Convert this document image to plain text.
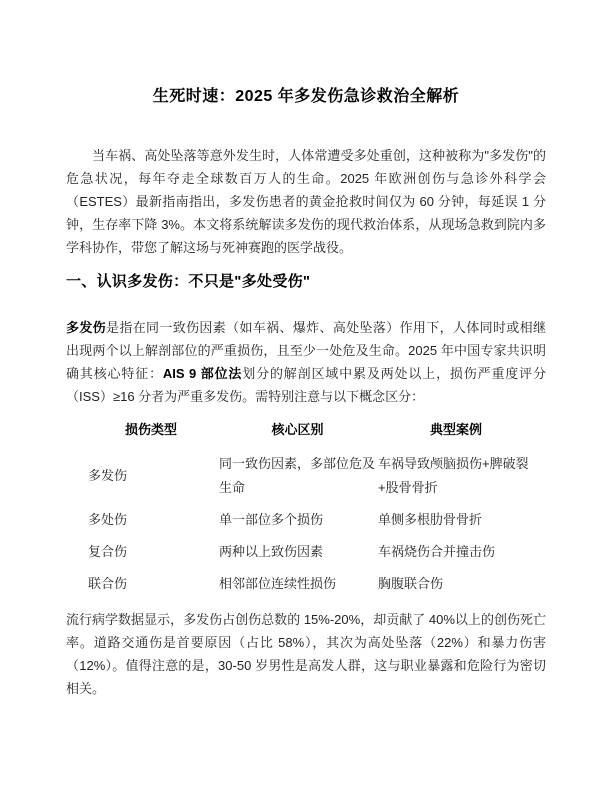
生死时速：2025 年多发伤急诊救治全解析

当车祸、高处坠落等意外发生时，人体常遭受多处重创，这种被称为"多发伤"的危急状况，每年夺走全球数百万人的生命。2025 年欧洲创伤与急诊外科学会（ESTES）最新指南指出，多发伤患者的黄金抢救时间仅为 60 分钟，每延误 1 分钟，生存率下降 3%。本文将系统解读多发伤的现代救治体系，从现场急救到院内多学科协作，带您了解这场与死神赛跑的医学战役。

一、认识多发伤：不只是"多处受伤"

多发伤是指在同一致伤因素（如车祸、爆炸、高处坠落）作用下，人体同时或相继出现两个以上解剖部位的严重损伤，且至少一处危及生命。2025 年中国专家共识明确其核心特征：AIS 9 部位法划分的解剖区域中累及两处以上，损伤严重度评分（ISS）≥16 分者为严重多发伤。需特别注意与以下概念区分：

损伤类型	核心区别	典型案例
多发伤	同一致伤因素，多部位危及生命	车祸导致颅脑损伤+脾破裂+股骨骨折
多处伤	单一部位多个损伤	单侧多根肋骨骨折
复合伤	两种以上致伤因素	车祸烧伤合并撞击伤
联合伤	相邻部位连续性损伤	胸腹联合伤

流行病学数据显示，多发伤占创伤总数的 15%-20%，却贡献了 40%以上的创伤死亡率。道路交通伤是首要原因（占比 58%），其次为高处坠落（22%）和暴力伤害（12%）。值得注意的是，30-50 岁男性是高发人群，这与职业暴露和危险行为密切相关。
